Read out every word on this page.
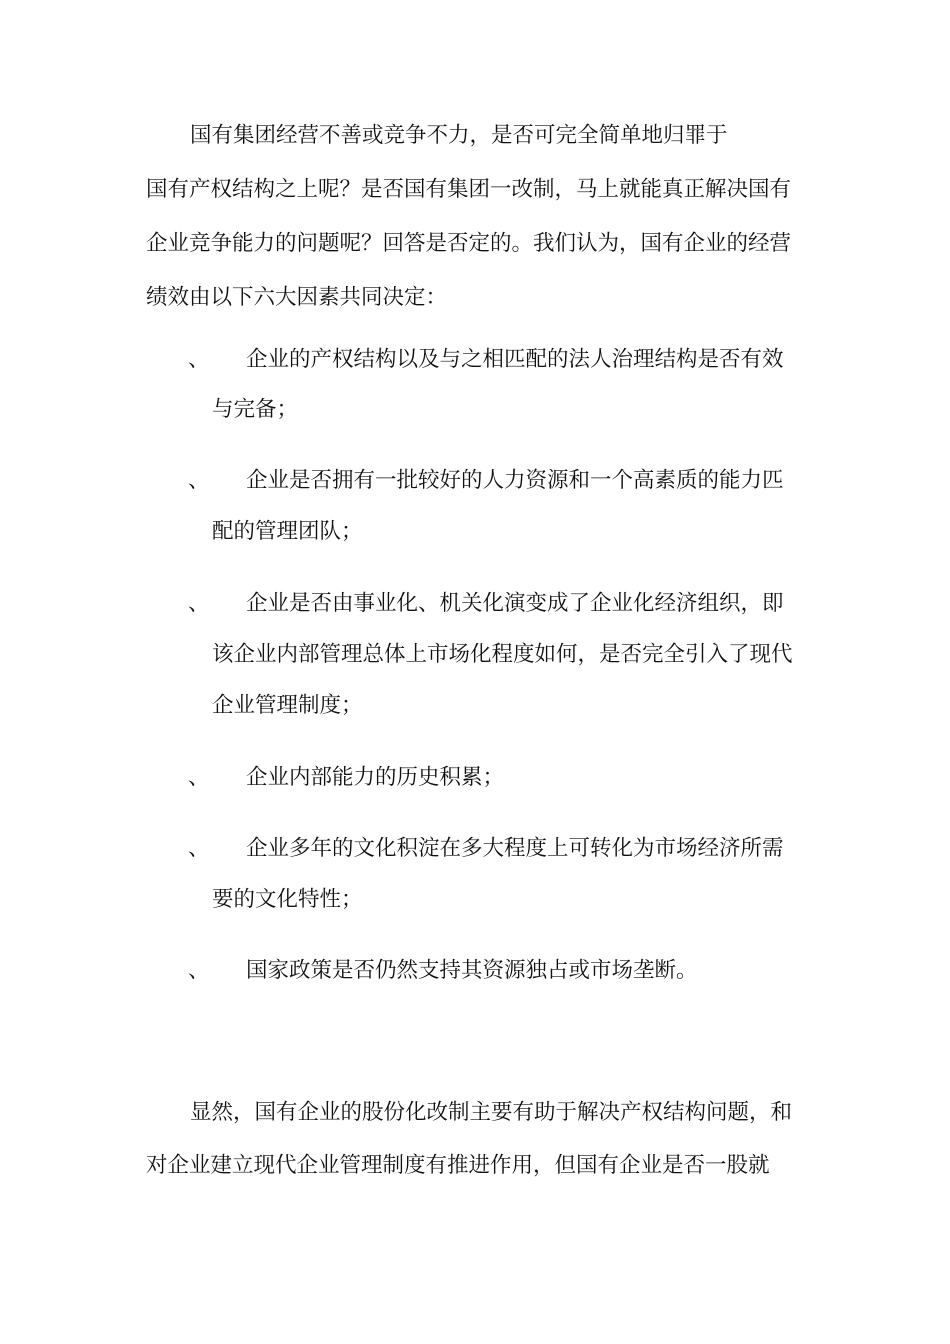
国有集团经营不善或竞争不力，是否可完全简单地归罪于
国有产权结构之上呢？是否国有集团一改制，马上就能真正解决国有
企业竞争能力的问题呢？回答是否定的。我们认为，国有企业的经营
绩效由以下六大因素共同决定：
、 企业的产权结构以及与之相匹配的法人治理结构是否有效
与完备；
、 企业是否拥有一批较好的人力资源和一个高素质的能力匹
配的管理团队；
、 企业是否由事业化、机关化演变成了企业化经济组织，即
该企业内部管理总体上市场化程度如何，是否完全引入了现代
企业管理制度；
、 企业内部能力的历史积累；
、 企业多年的文化积淀在多大程度上可转化为市场经济所需
要的文化特性；
、 国家政策是否仍然支持其资源独占或市场垄断。
显然，国有企业的股份化改制主要有助于解决产权结构问题，和
对企业建立现代企业管理制度有推进作用，但国有企业是否一股就
